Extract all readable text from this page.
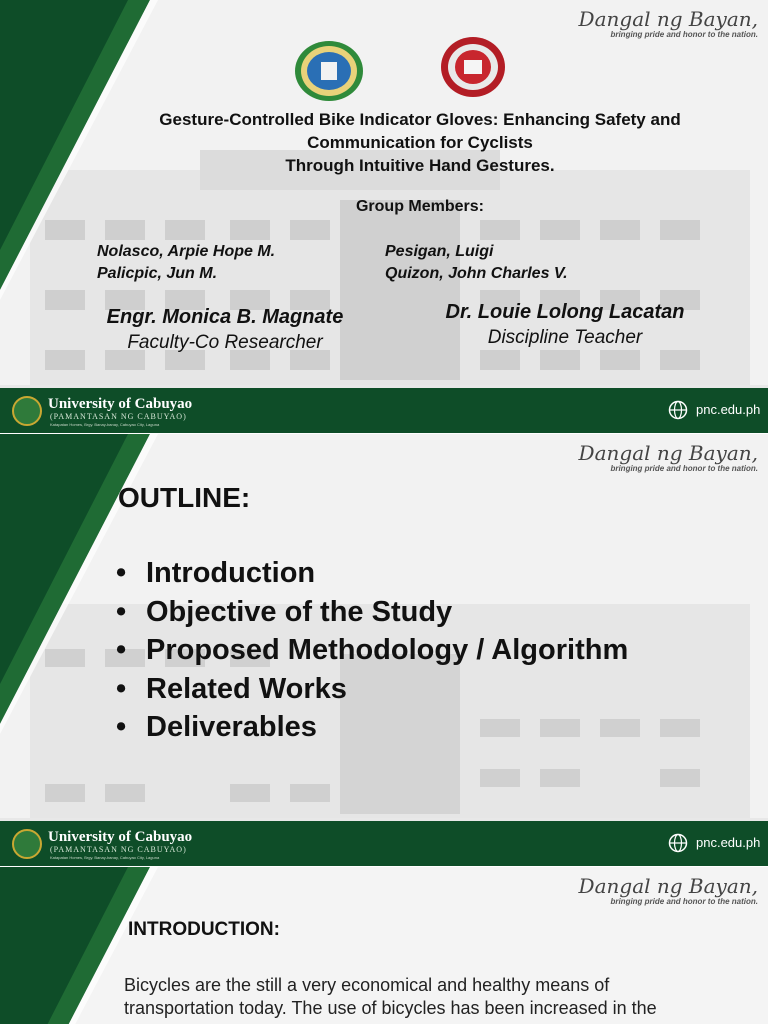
Dangal ng Bayan,
bringing pride and honor to the nation.
Gesture-Controlled Bike Indicator Gloves: Enhancing Safety and
Communication for Cyclists
Through Intuitive Hand Gestures.
Group Members:
Nolasco, Arpie Hope M.
Palicpic, Jun M.
Pesigan, Luigi
Quizon, John Charles V.
Engr. Monica B. Magnate
Faculty-Co Researcher
Dr. Louie Lolong Lacatan
Discipline Teacher
University of Cabuyao
(PAMANTASAN NG CABUYAO)
Katapatan Homes, Brgy. Banay-banay, Cabuyao City, Laguna
pnc.edu.ph
Dangal ng Bayan,
bringing pride and honor to the nation.
OUTLINE:
• Introduction
• Objective of the Study
• Proposed Methodology / Algorithm
• Related Works
• Deliverables
University of Cabuyao
(PAMANTASAN NG CABUYAO)
Katapatan Homes, Brgy. Banay-banay, Cabuyao City, Laguna
pnc.edu.ph
Dangal ng Bayan,
bringing pride and honor to the nation.
INTRODUCTION:
Bicycles are the still a very economical and healthy means of transportation today. The use of bicycles has been increased in the
